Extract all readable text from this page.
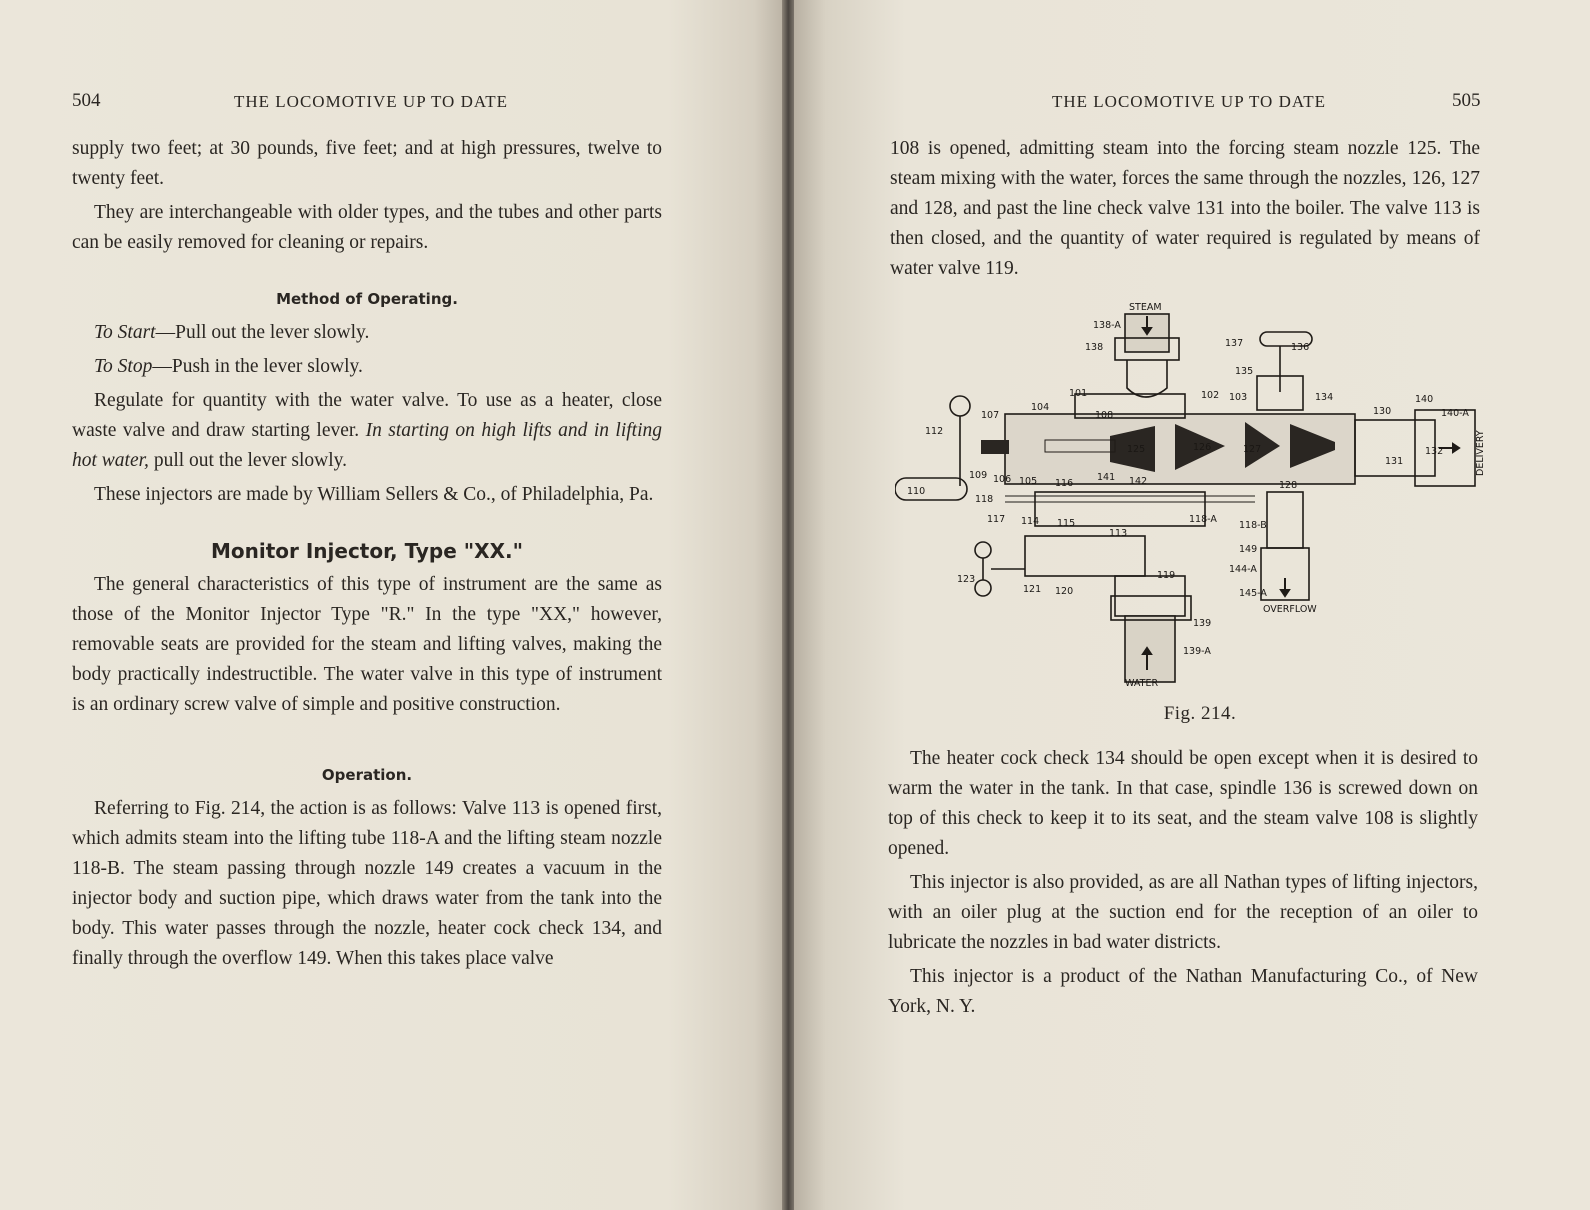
504	THE LOCOMOTIVE UP TO DATE

supply two feet; at 30 pounds, five feet; and at high pressures, twelve to twenty feet.

They are interchangeable with older types, and the tubes and other parts can be easily removed for cleaning or repairs.

Method of Operating.

To Start—Pull out the lever slowly.

To Stop—Push in the lever slowly.

Regulate for quantity with the water valve. To use as a heater, close waste valve and draw starting lever. In starting on high lifts and in lifting hot water, pull out the lever slowly.

These injectors are made by William Sellers & Co., of Philadelphia, Pa.

Monitor Injector, Type "XX."

The general characteristics of this type of instrument are the same as those of the Monitor Injector Type "R." In the type "XX," however, removable seats are provided for the steam and lifting valves, making the body practically indestructible. The water valve in this type of instrument is an ordinary screw valve of simple and positive construction.

Operation.

Referring to Fig. 214, the action is as follows: Valve 113 is opened first, which admits steam into the lifting tube 118-A and the lifting steam nozzle 118-B. The steam passing through nozzle 149 creates a vacuum in the injector body and suction pipe, which draws water from the tank into the body. This water passes through the nozzle, heater cock check 134, and finally through the overflow 149. When this takes place valve

THE LOCOMOTIVE UP TO DATE	505

108 is opened, admitting steam into the forcing steam nozzle 125. The steam mixing with the water, forces the same through the nozzles, 126, 127 and 128, and past the line check valve 131 into the boiler. The valve 113 is then closed, and the quantity of water required is regulated by means of water valve 119.

STEAM
WATER
OVERFLOW
DELIVERY
110
112
107
104
101
108
138-A
138	137	136
135
102 103	134
130
140
140-A
125	126	127
131
132
109 106 105 116
141 142	128
118
117 114 115
113
118-A
118-B
149
144-A
145-A
123
121 120
119
139
139-A
Fig. 214.

The heater cock check 134 should be open except when it is desired to warm the water in the tank. In that case, spindle 136 is screwed down on top of this check to keep it to its seat, and the steam valve 108 is slightly opened.

This injector is also provided, as are all Nathan types of lifting injectors, with an oiler plug at the suction end for the reception of an oiler to lubricate the nozzles in bad water districts.

This injector is a product of the Nathan Manufacturing Co., of New York, N. Y.
